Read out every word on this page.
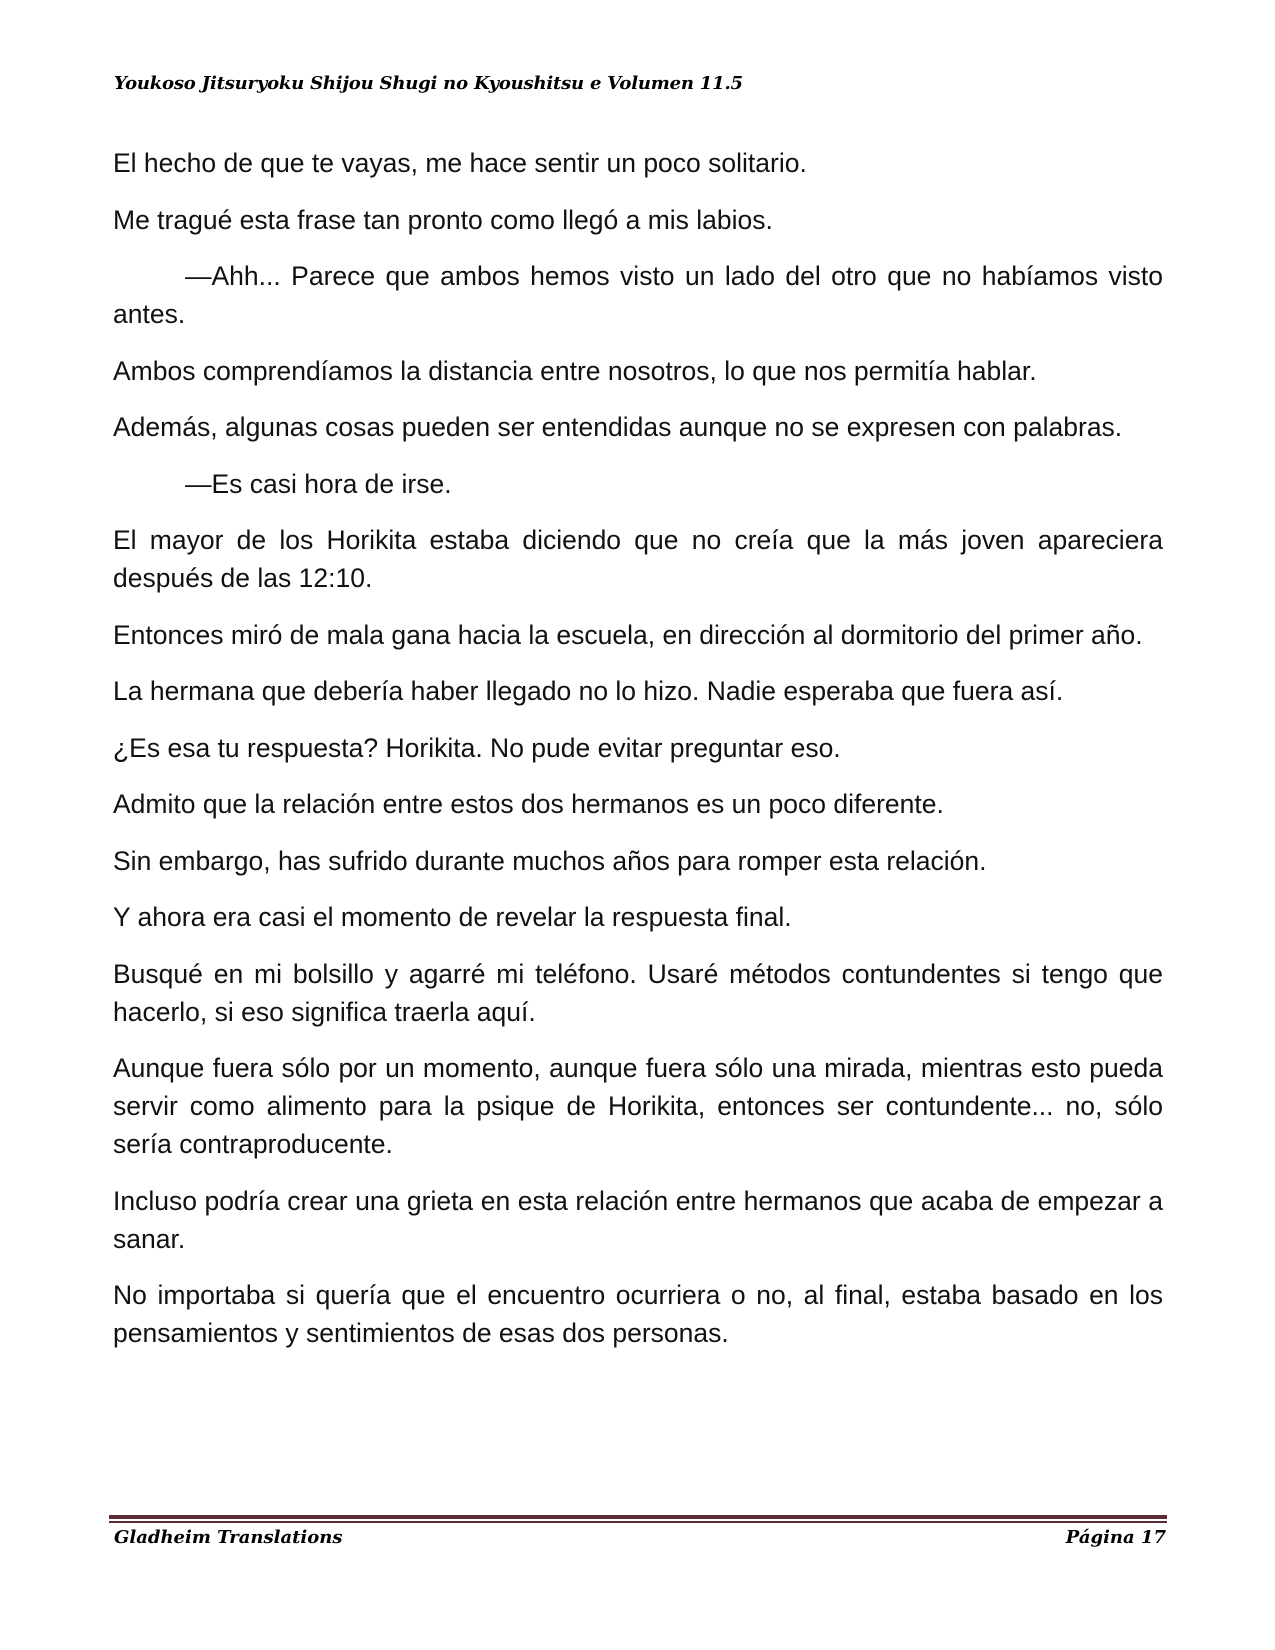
Youkoso Jitsuryoku Shijou Shugi no Kyoushitsu e Volumen 11.5

El hecho de que te vayas, me hace sentir un poco solitario.

Me tragué esta frase tan pronto como llegó a mis labios.

—Ahh... Parece que ambos hemos visto un lado del otro que no habíamos visto antes.

Ambos comprendíamos la distancia entre nosotros, lo que nos permitía hablar.

Además, algunas cosas pueden ser entendidas aunque no se expresen con palabras.

—Es casi hora de irse.

El mayor de los Horikita estaba diciendo que no creía que la más joven apareciera después de las 12:10.

Entonces miró de mala gana hacia la escuela, en dirección al dormitorio del primer año.

La hermana que debería haber llegado no lo hizo. Nadie esperaba que fuera así.

¿Es esa tu respuesta? Horikita. No pude evitar preguntar eso.

Admito que la relación entre estos dos hermanos es un poco diferente.

Sin embargo, has sufrido durante muchos años para romper esta relación.

Y ahora era casi el momento de revelar la respuesta final.

Busqué en mi bolsillo y agarré mi teléfono. Usaré métodos contundentes si tengo que hacerlo, si eso significa traerla aquí.

Aunque fuera sólo por un momento, aunque fuera sólo una mirada, mientras esto pueda servir como alimento para la psique de Horikita, entonces ser contundente... no, sólo sería contraproducente.

Incluso podría crear una grieta en esta relación entre hermanos que acaba de empezar a sanar.

No importaba si quería que el encuentro ocurriera o no, al final, estaba basado en los pensamientos y sentimientos de esas dos personas.

Gladheim Translations	Página 17
